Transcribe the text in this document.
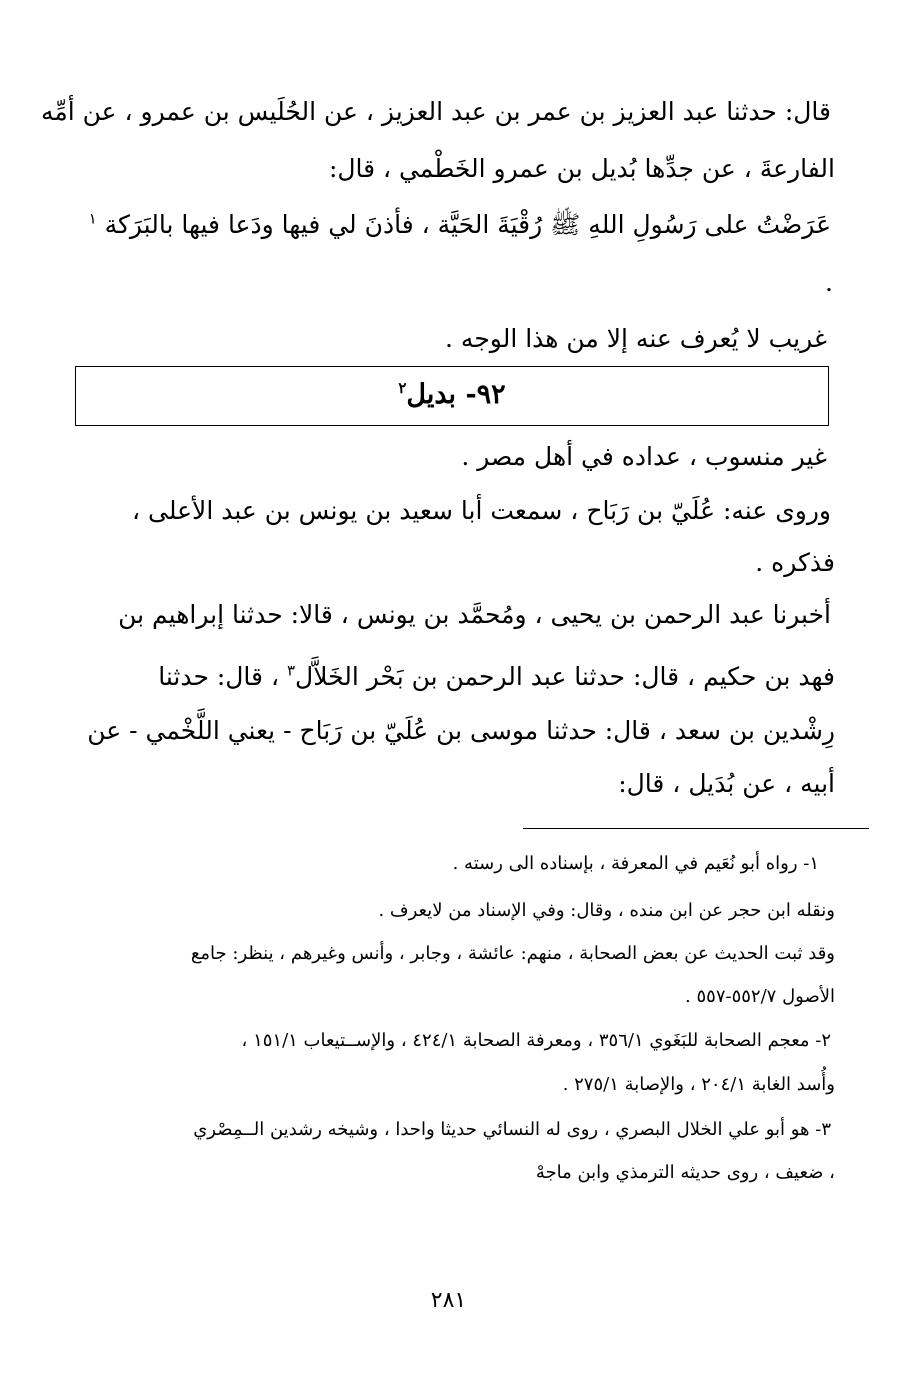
قال: حدثنا عبد العزيز بن عمر بن عبد العزيز ، عن الحُلَيس بن عمرو ، عن أمِّه
الفارعةَ ، عن جدِّها بُديل بن عمرو الخَطْمي ، قال:
عَرَضْتُ على رَسُولِ اللهِ ﷺ رُقْيَةَ الحَيَّة ، فأذنَ لي فيها ودَعا فيها بالبَرَكة $^١$
.
غريب لا يُعرف عنه إلا من هذا الوجه .
٩٢- بديل$^٢$
غير منسوب ، عداده في أهل مصر .
وروى عنه: عُلَيّ بن رَبَاح ، سمعت أبا سعيد بن يونس بن عبد الأعلى ،
فذكره .
أخبرنا عبد الرحمن بن يحيى ، ومُحمَّد بن يونس ، قالا: حدثنا إبراهيم بن
فهد بن حكيم ، قال: حدثنا عبد الرحمن بن بَحْر الخَلاَّل$^٣$ ، قال: حدثنا
رِشْدين بن سعد ، قال: حدثنا موسى بن عُلَيّ بن رَبَاح - يعني اللَّخْمي - عن
أبيه ، عن بُدَيل ، قال:
١- رواه أبو نُعَيم في المعرفة ، بإسناده الى رسته .
ونقله ابن حجر عن ابن منده ، وقال: وفي الإسناد من لايعرف .
وقد ثبت الحديث عن بعض الصحابة ، منهم: عائشة ، وجابر ، وأنس وغيرهم ، ينظر: جامع
الأصول ٥٥٢/٧-٥٥٧ .
٢- معجم الصحابة للبَغَوي ٣٥٦/١ ، ومعرفة الصحابة ٤٢٤/١ ، والإســتيعاب ١٥١/١ ،
وأُسد الغابة ٢٠٤/١ ، والإصابة ٢٧٥/١ .
٣- هو أبو علي الخلال البصري ، روى له النسائي حديثا واحدا ، وشيخه رشدين الــمِصْري
، ضعيف ، روى حديثه الترمذي وابن ماجهْ
٢٨١
